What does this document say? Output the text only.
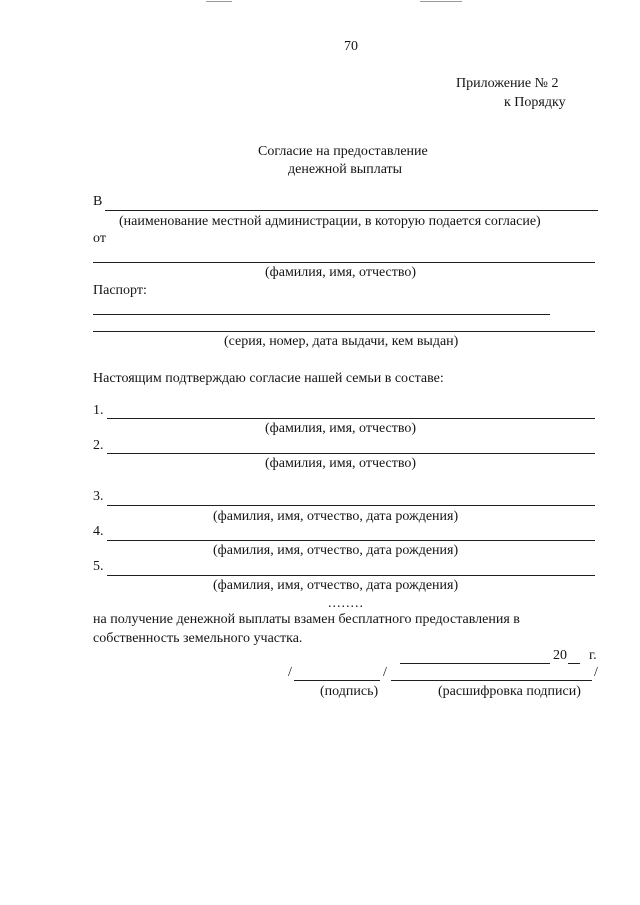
70
Приложение № 2
к Порядку
Согласие на предоставление
денежной выплаты
В
(наименование местной администрации, в которую подается согласие)
от
(фамилия, имя, отчество)
Паспорт:
(серия, номер, дата выдачи, кем выдан)
Настоящим подтверждаю согласие нашей семьи в составе:
1.
(фамилия, имя, отчество)
2.
(фамилия, имя, отчество)
3.
(фамилия, имя, отчество, дата рождения)
4.
(фамилия, имя, отчество, дата рождения)
5.
(фамилия, имя, отчество, дата рождения)
........
на получение денежной выплаты взамен бесплатного предоставления в
собственность земельного участка.
20 г.
/	/	/
(подпись)	(расшифровка подписи)
